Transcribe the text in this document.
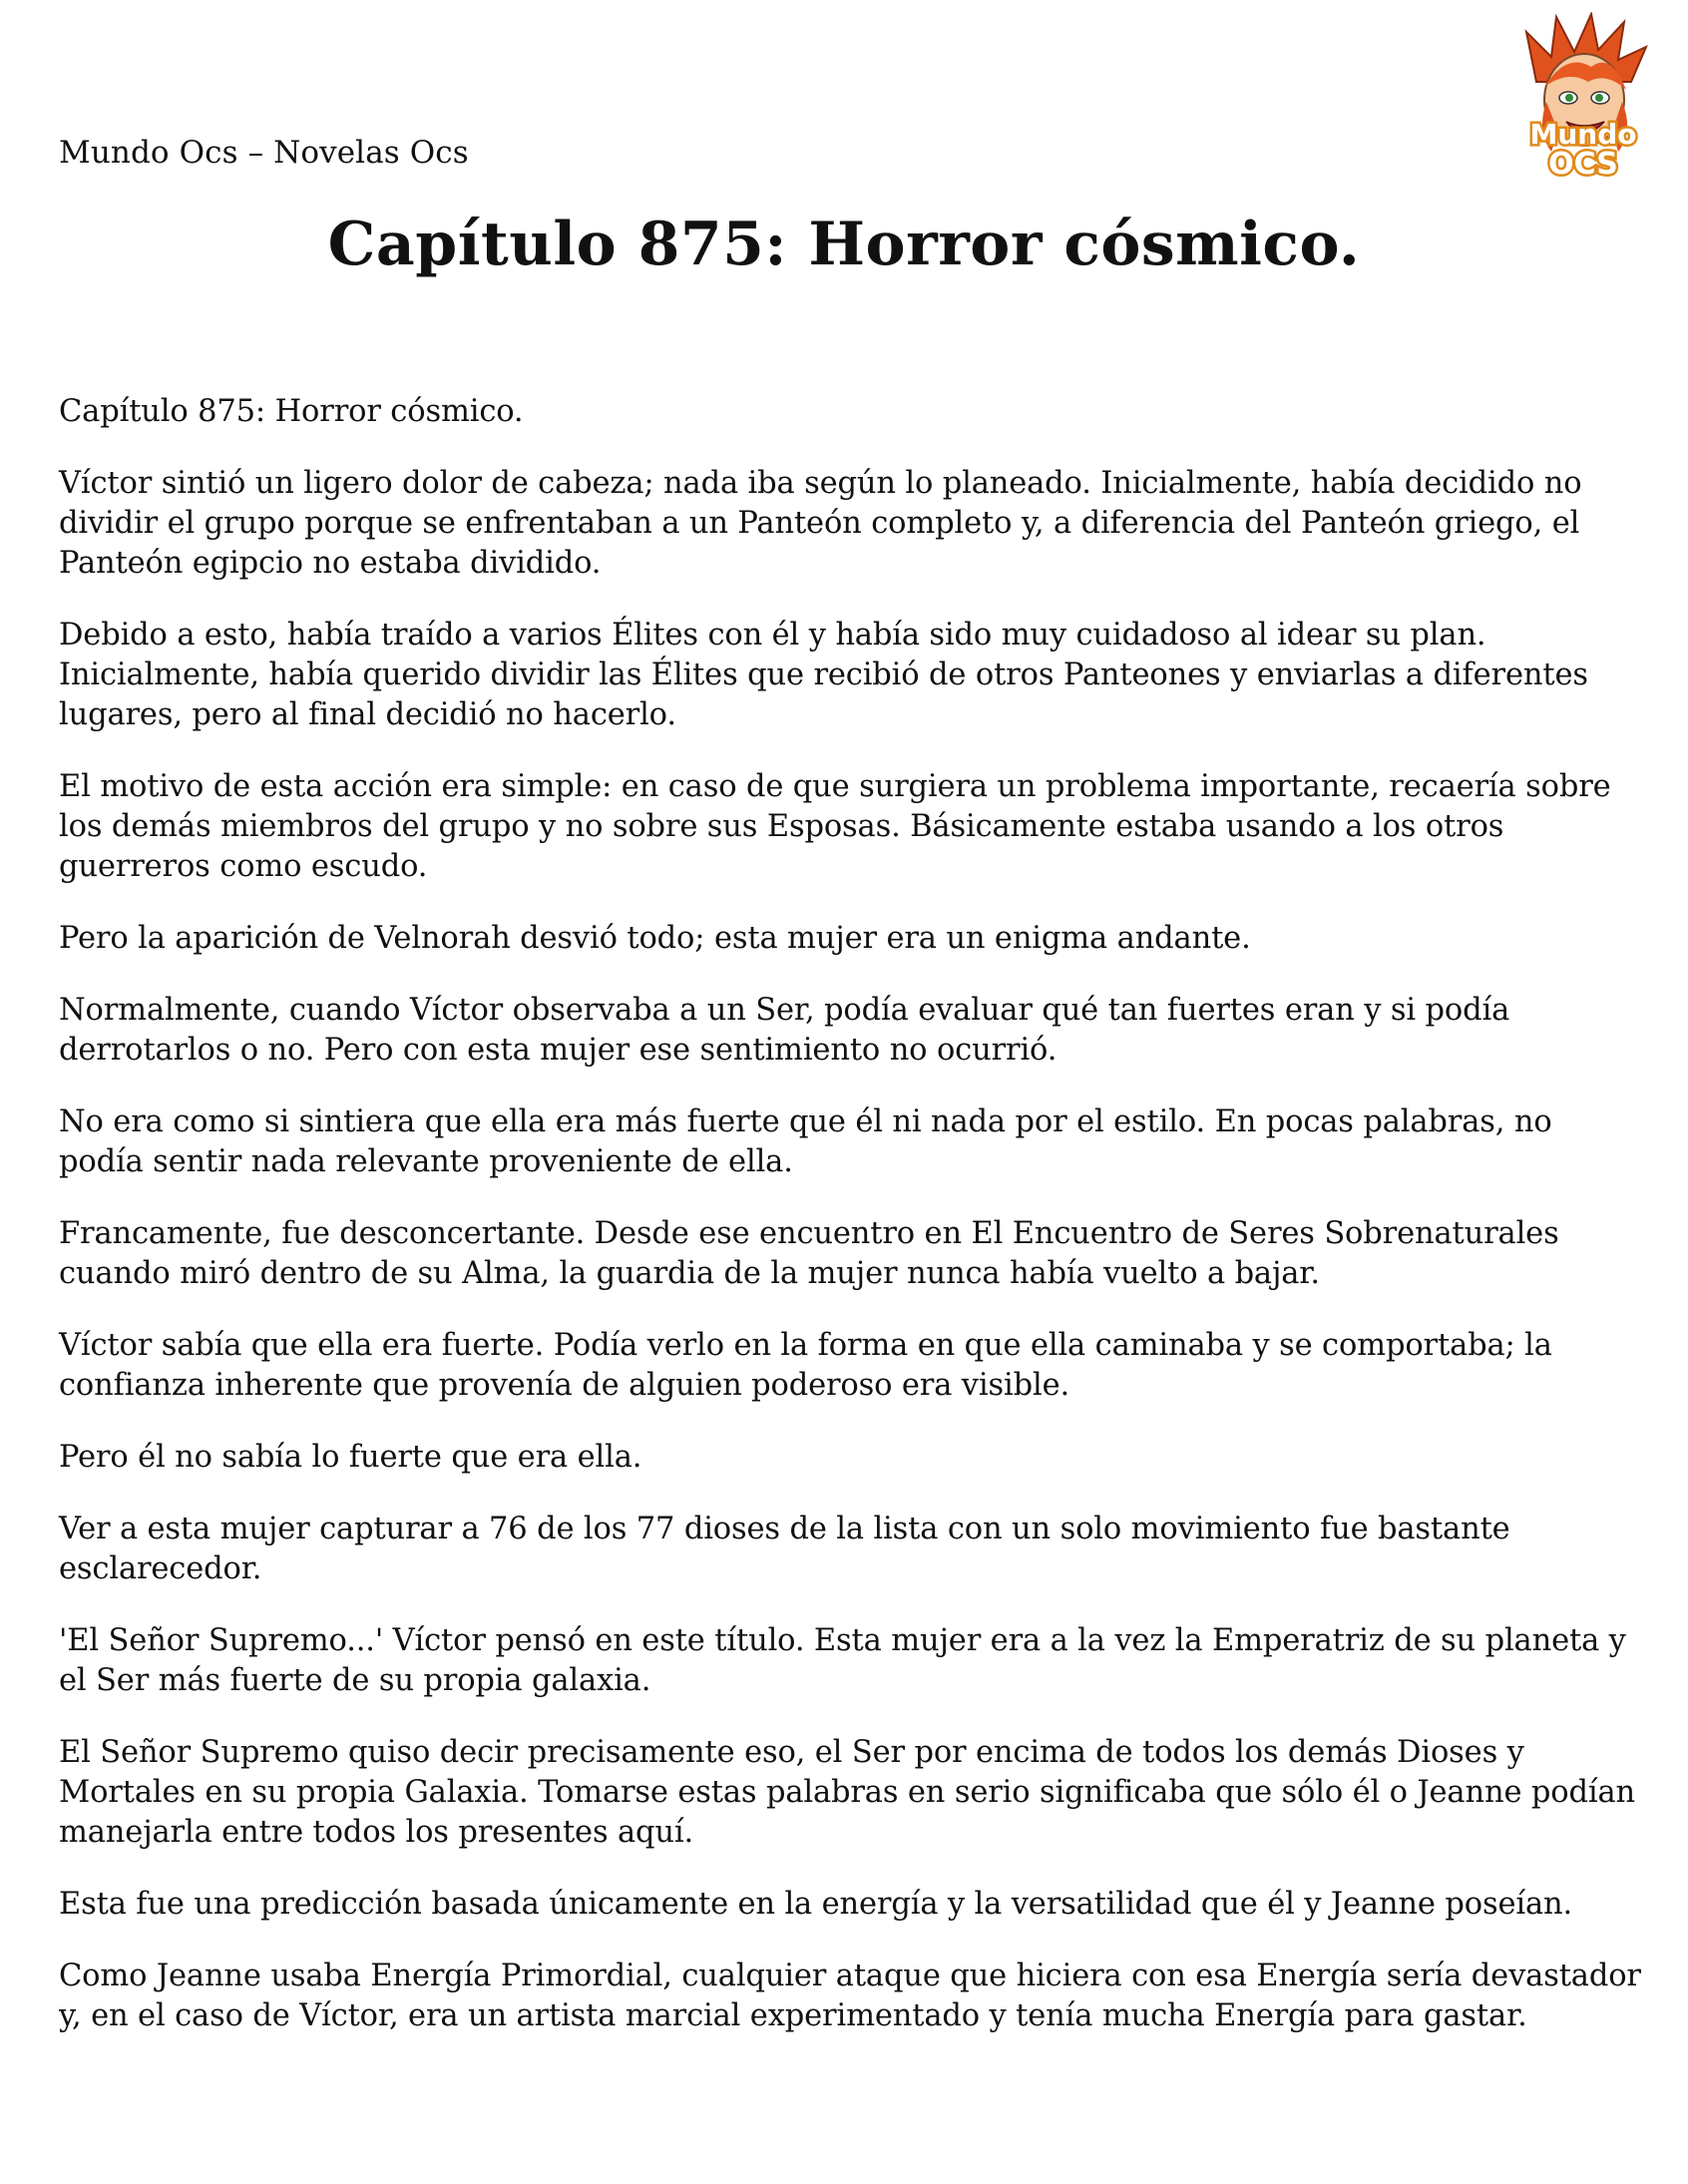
Mundo Ocs – Novelas Ocs
Mundo
OCS
Capítulo 875: Horror cósmico.

Capítulo 875: Horror cósmico.

Víctor sintió un ligero dolor de cabeza; nada iba según lo planeado. Inicialmente, había decidido no dividir el grupo porque se enfrentaban a un Panteón completo y, a diferencia del Panteón griego, el Panteón egipcio no estaba dividido.

Debido a esto, había traído a varios Élites con él y había sido muy cuidadoso al idear su plan. Inicialmente, había querido dividir las Élites que recibió de otros Panteones y enviarlas a diferentes lugares, pero al final decidió no hacerlo.

El motivo de esta acción era simple: en caso de que surgiera un problema importante, recaería sobre los demás miembros del grupo y no sobre sus Esposas. Básicamente estaba usando a los otros guerreros como escudo.

Pero la aparición de Velnorah desvió todo; esta mujer era un enigma andante.

Normalmente, cuando Víctor observaba a un Ser, podía evaluar qué tan fuertes eran y si podía derrotarlos o no. Pero con esta mujer ese sentimiento no ocurrió.

No era como si sintiera que ella era más fuerte que él ni nada por el estilo. En pocas palabras, no podía sentir nada relevante proveniente de ella.

Francamente, fue desconcertante. Desde ese encuentro en El Encuentro de Seres Sobrenaturales cuando miró dentro de su Alma, la guardia de la mujer nunca había vuelto a bajar.

Víctor sabía que ella era fuerte. Podía verlo en la forma en que ella caminaba y se comportaba; la confianza inherente que provenía de alguien poderoso era visible.

Pero él no sabía lo fuerte que era ella.

Ver a esta mujer capturar a 76 de los 77 dioses de la lista con un solo movimiento fue bastante esclarecedor.

'El Señor Supremo...' Víctor pensó en este título. Esta mujer era a la vez la Emperatriz de su planeta y el Ser más fuerte de su propia galaxia.

El Señor Supremo quiso decir precisamente eso, el Ser por encima de todos los demás Dioses y Mortales en su propia Galaxia. Tomarse estas palabras en serio significaba que sólo él o Jeanne podían manejarla entre todos los presentes aquí.

Esta fue una predicción basada únicamente en la energía y la versatilidad que él y Jeanne poseían.

Como Jeanne usaba Energía Primordial, cualquier ataque que hiciera con esa Energía sería devastador y, en el caso de Víctor, era un artista marcial experimentado y tenía mucha Energía para gastar.
